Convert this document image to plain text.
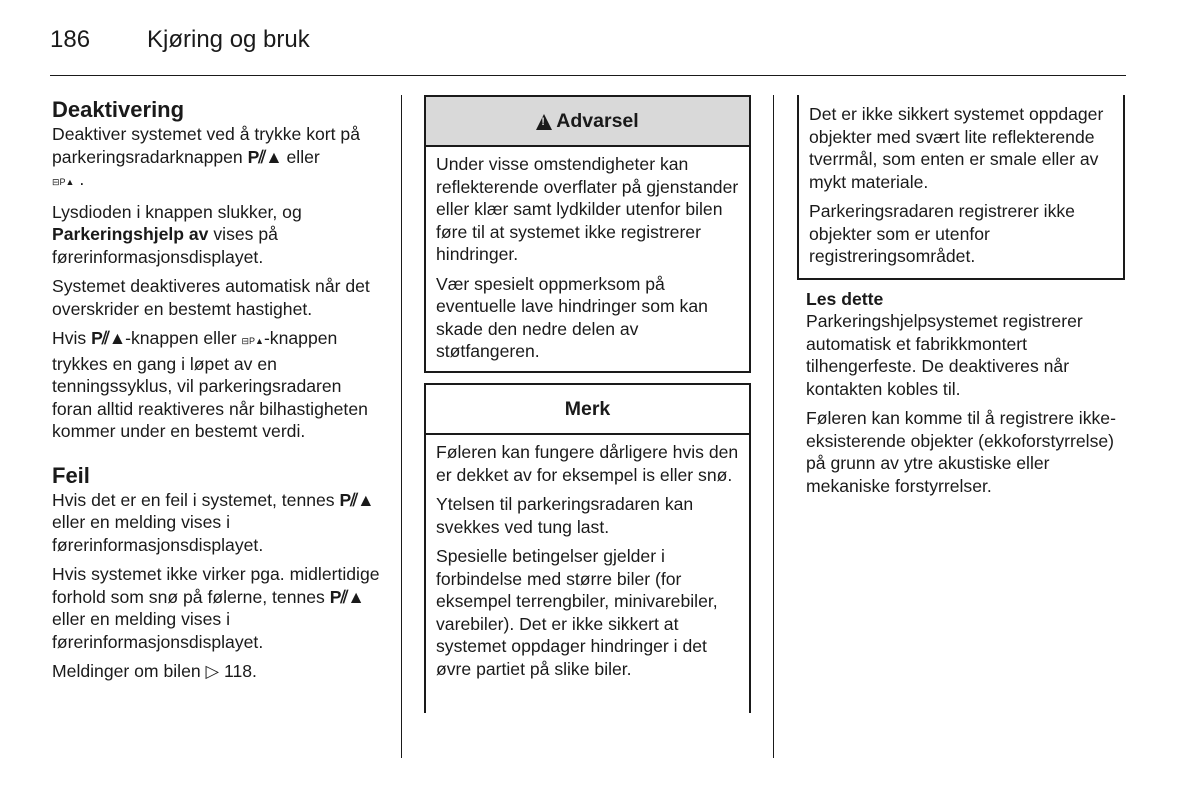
186	Kjøring og bruk
Deaktivering

Deaktiver systemet ved å trykke kort på parkeringsradarknappen P⫽▲ eller
⊟P▲ .

Lysdioden i knappen slukker, og Parkeringshjelp av vises på førerinformasjonsdisplayet.

Systemet deaktiveres automatisk når det overskrider en bestemt hastighet.

Hvis P⫽▲-knappen eller ⊟P▲-knappen trykkes en gang i løpet av en tenningssyklus, vil parkeringsradaren foran alltid reaktiveres når bilhastigheten kommer under en bestemt verdi.

Feil

Hvis det er en feil i systemet, tennes P⫽▲ eller en melding vises i førerinformasjonsdisplayet.

Hvis systemet ikke virker pga. midlertidige forhold som snø på følerne, tennes P⫽▲ eller en melding vises i førerinformasjonsdisplayet.

Meldinger om bilen ▷ 118.

!
Advarsel

Under visse omstendigheter kan reflekterende overflater på gjenstander eller klær samt lydkilder utenfor bilen føre til at systemet ikke registrerer hindringer.

Vær spesielt oppmerksom på eventuelle lave hindringer som kan skade den nedre delen av støtfangeren.

Merk

Føleren kan fungere dårligere hvis den er dekket av for eksempel is eller snø.

Ytelsen til parkeringsradaren kan svekkes ved tung last.

Spesielle betingelser gjelder i forbindelse med større biler (for eksempel terrengbiler, minivarebiler, varebiler). Det er ikke sikkert at systemet oppdager hindringer i det øvre partiet på slike biler.

Det er ikke sikkert systemet oppdager objekter med svært lite reflekterende tverrmål, som enten er smale eller av mykt materiale.

Parkeringsradaren registrerer ikke objekter som er utenfor registreringsområdet.

Les dette

Parkeringshjelpsystemet registrerer automatisk et fabrikkmontert tilhengerfeste. De deaktiveres når kontakten kobles til.

Føleren kan komme til å registrere ikke-eksisterende objekter (ekkoforstyrrelse) på grunn av ytre akustiske eller mekaniske forstyrrelser.
